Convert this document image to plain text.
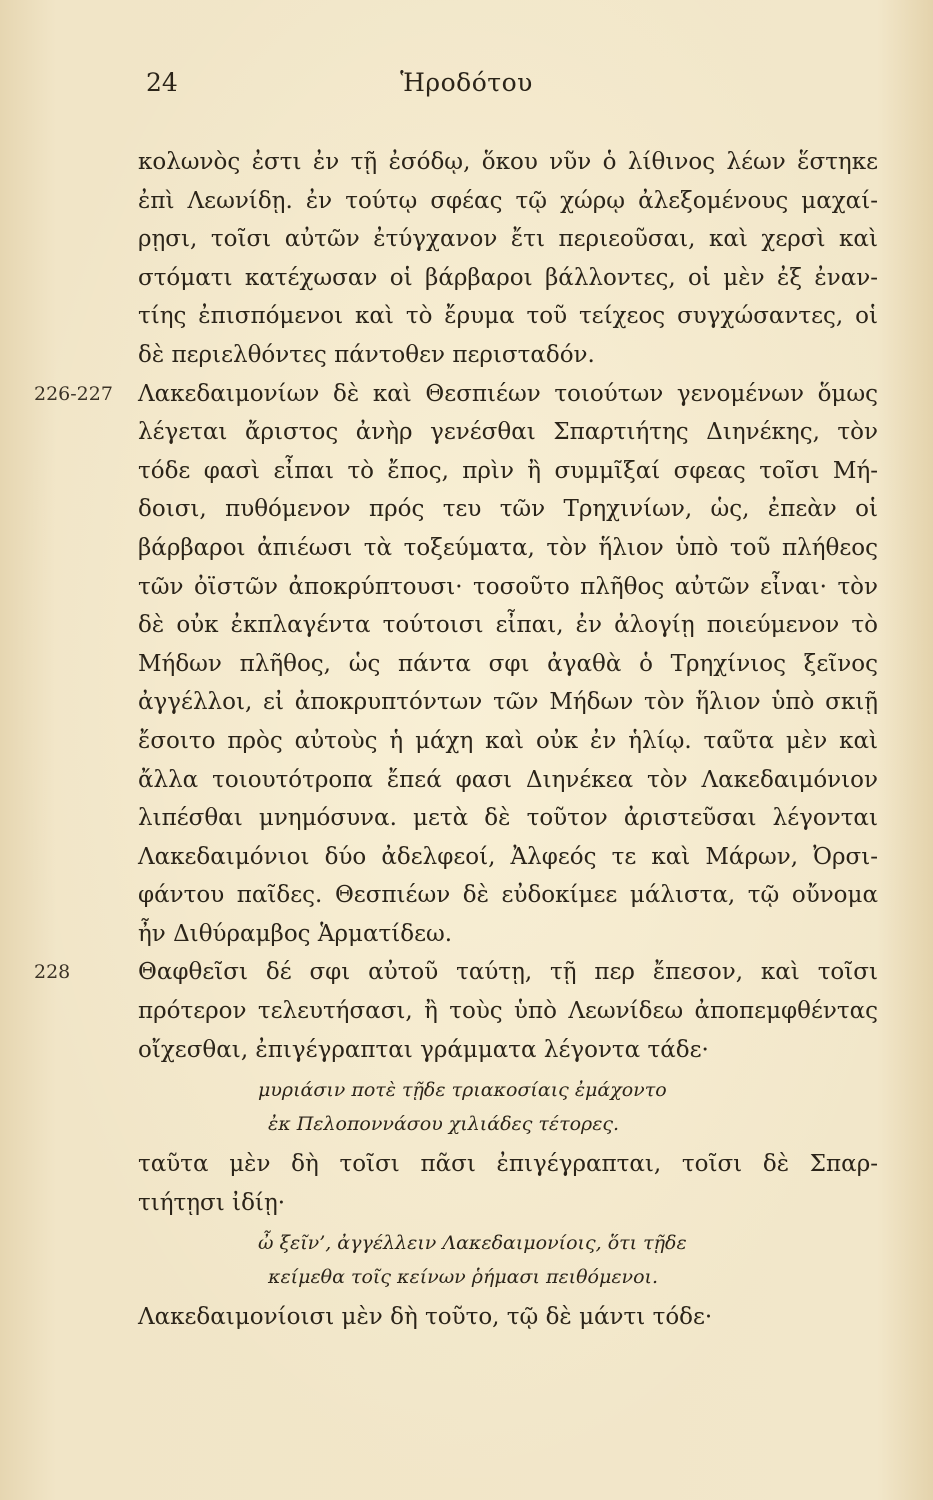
24	Ἡροδότου
κολωνὸς ἐστι ἐν τῇ ἐσόδῳ, ὅκου νῦν ὁ λίθινος λέων ἕστηκε
ἐπὶ Λεωνίδῃ. ἐν τούτῳ σφέας τῷ χώρῳ ἀλεξομένους μαχαί-
ρῃσι, τοῖσι αὐτῶν ἐτύγχανον ἔτι περιεοῦσαι, καὶ χερσὶ καὶ
στόματι κατέχωσαν οἱ βάρβαροι βάλλοντες, οἱ μὲν ἐξ ἐναν-
τίης ἐπισπόμενοι καὶ τὸ ἔρυμα τοῦ τείχεος συγχώσαντες, οἱ
δὲ περιελθόντες πάντοθεν περισταδόν.
226-227 Λακεδαιμονίων δὲ καὶ Θεσπιέων τοιούτων γενομένων ὅμως
λέγεται ἄριστος ἀνὴρ γενέσθαι Σπαρτιήτης Διηνέκης, τὸν
τόδε φασὶ εἶπαι τὸ ἔπος, πρὶν ἢ συμμῖξαί σφεας τοῖσι Μή-
δοισι, πυθόμενον πρός τευ τῶν Τρηχινίων, ὡς, ἐπεὰν οἱ
βάρβαροι ἀπιέωσι τὰ τοξεύματα, τὸν ἥλιον ὑπὸ τοῦ πλήθεος
τῶν ὀϊστῶν ἀποκρύπτουσι· τοσοῦτο πλῆθος αὐτῶν εἶναι· τὸν
δὲ οὐκ ἐκπλαγέντα τούτοισι εἶπαι, ἐν ἀλογίῃ ποιεύμενον τὸ
Μήδων πλῆθος, ὡς πάντα σφι ἀγαθὰ ὁ Τρηχίνιος ξεῖνος
ἀγγέλλοι, εἰ ἀποκρυπτόντων τῶν Μήδων τὸν ἥλιον ὑπὸ σκιῇ
ἔσοιτο πρὸς αὐτοὺς ἡ μάχη καὶ οὐκ ἐν ἡλίῳ. ταῦτα μὲν καὶ
ἄλλα τοιουτότροπα ἔπεά φασι Διηνέκεα τὸν Λακεδαιμόνιον
λιπέσθαι μνημόσυνα. μετὰ δὲ τοῦτον ἀριστεῦσαι λέγονται
Λακεδαιμόνιοι δύο ἀδελφεοί, Ἀλφεός τε καὶ Μάρων, Ὀρσι-
φάντου παῖδες. Θεσπιέων δὲ εὐδοκίμεε μάλιστα, τῷ οὔνομα
ἦν Διθύραμβος Ἁρματίδεω.
228	Θαφθεῖσι δέ σφι αὐτοῦ ταύτῃ, τῇ περ ἔπεσον, καὶ τοῖσι
πρότερον τελευτήσασι, ἢ τοὺς ὑπὸ Λεωνίδεω ἀποπεμφθέντας
οἴχεσθαι, ἐπιγέγραπται γράμματα λέγοντα τάδε·
μυριάσιν ποτὲ τῇδε τριακοσίαις ἐμάχοντο
ἐκ Πελοποννάσου χιλιάδες τέτορες.
ταῦτα μὲν δὴ τοῖσι πᾶσι ἐπιγέγραπται, τοῖσι δὲ Σπαρ-
τιήτῃσι ἰδίῃ·
ὦ ξεῖν’, ἀγγέλλειν Λακεδαιμονίοις, ὅτι τῇδε
κείμεθα τοῖς κείνων ῥήμασι πειθόμενοι.
Λακεδαιμονίοισι μὲν δὴ τοῦτο, τῷ δὲ μάντι τόδε·
